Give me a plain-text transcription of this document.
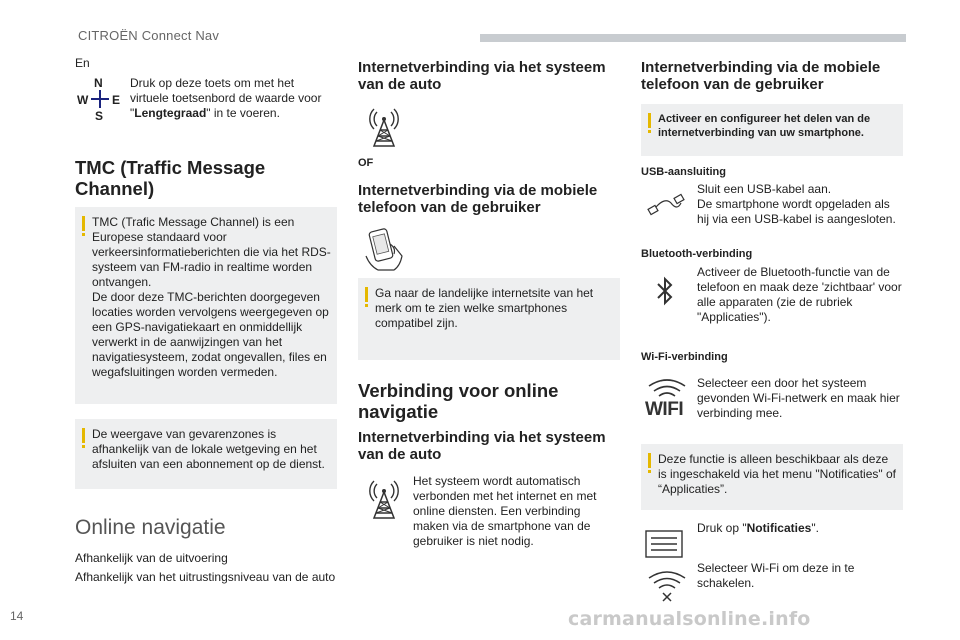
CITROËN Connect Nav
En
N
W E
S
Druk op deze toets om met het virtuele toetsenbord de waarde voor "Lengtegraad" in te voeren.
TMC (Traffic Message Channel)
TMC (Trafic Message Channel) is een Europese standaard voor verkeersinformatieberichten die via het RDS-systeem van FM-radio in realtime worden ontvangen.
De door deze TMC-berichten doorgegeven locaties worden vervolgens weergegeven op een GPS-navigatiekaart en onmiddellijk verwerkt in de aanwijzingen van het navigatiesysteem, zodat ongevallen, files en wegafsluitingen worden vermeden.
De weergave van gevarenzones is afhankelijk van de lokale wetgeving en het afsluiten van een abonnement op de dienst.
Online navigatie
Afhankelijk van de uitvoering
Afhankelijk van het uitrustingsniveau van de auto
Internetverbinding via het systeem van de auto
OF
Internetverbinding via de mobiele telefoon van de gebruiker
Ga naar de landelijke internetsite van het merk om te zien welke smartphones compatibel zijn.
Verbinding voor online navigatie
Internetverbinding via het systeem van de auto
Het systeem wordt automatisch verbonden met het internet en met online diensten. Een verbinding maken via de smartphone van de gebruiker is niet nodig.
Internetverbinding via de mobiele telefoon van de gebruiker
Activeer en configureer het delen van de internetverbinding van uw smartphone.
USB-aansluiting
Sluit een USB-kabel aan.
De smartphone wordt opgeladen als hij via een USB-kabel is aangesloten.
Bluetooth-verbinding
Activeer de Bluetooth-functie van de telefoon en maak deze 'zichtbaar' voor alle apparaten (zie de rubriek "Applicaties").
Wi-Fi-verbinding
WIFI
Selecteer een door het systeem gevonden Wi-Fi-netwerk en maak hier verbinding mee.
Deze functie is alleen beschikbaar als deze is ingeschakeld via het menu "Notificaties" of “Applicaties”.
Druk op "Notificaties".
Selecteer Wi-Fi om deze in te schakelen.
14	carmanualsonline.info
